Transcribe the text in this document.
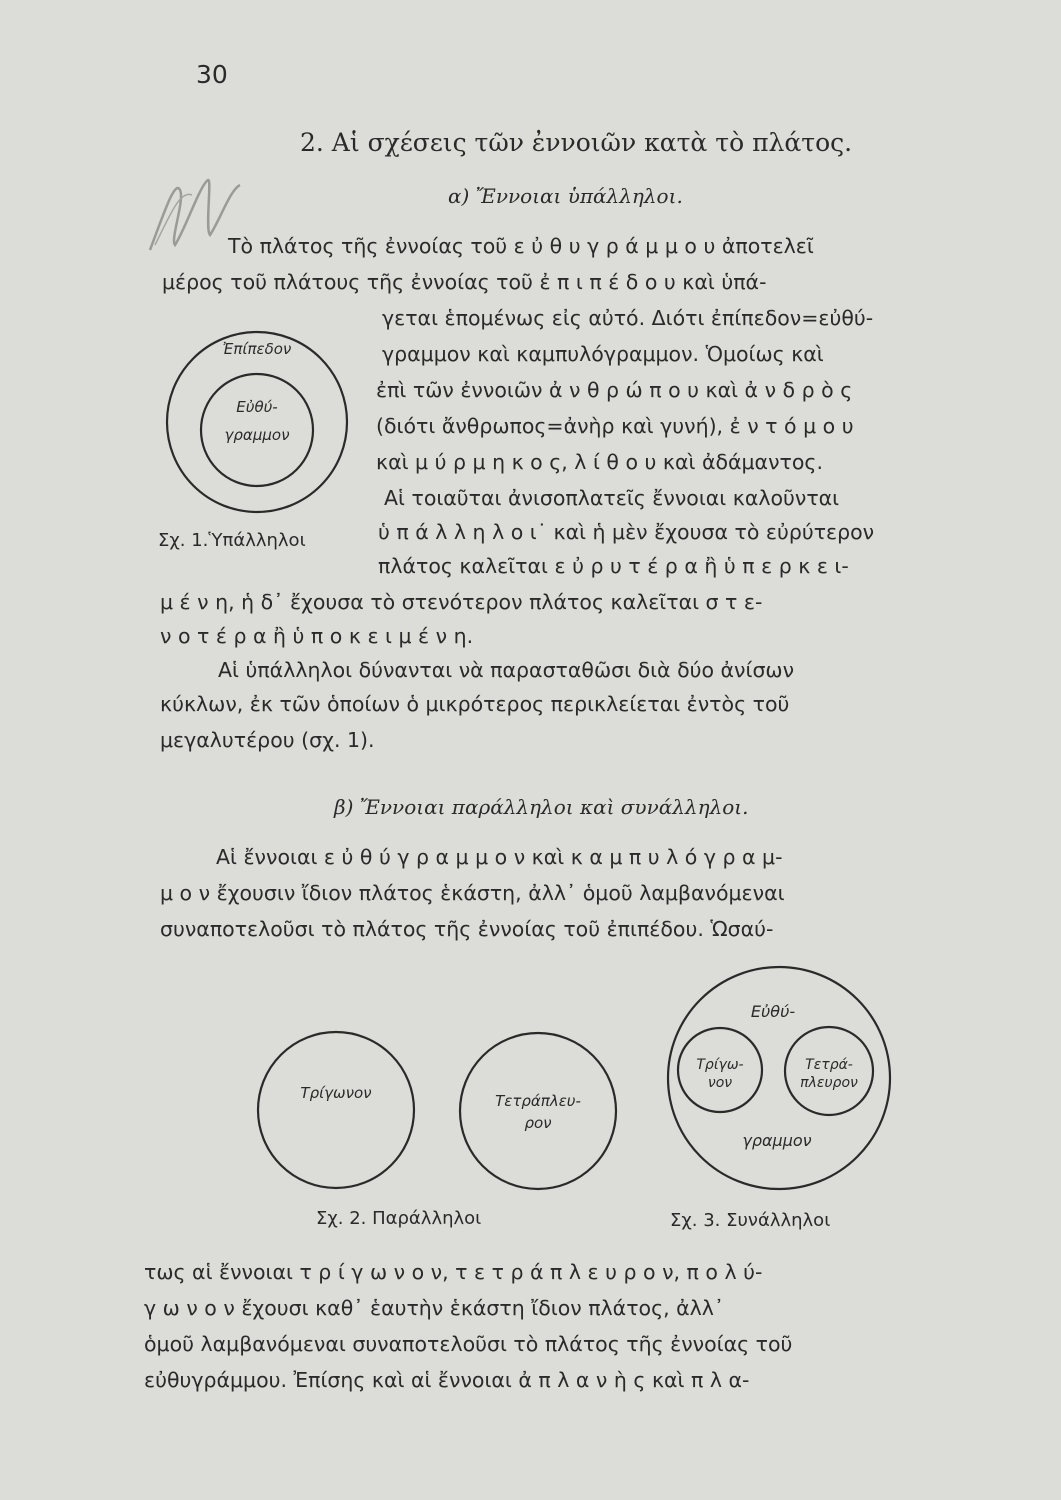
30
2. Αἱ σχέσεις τῶν ἐννοιῶν κατὰ τὸ πλάτος.
α) Ἔννοιαι ὑπάλληλοι.
Τὸ πλάτος τῆς ἐννοίας τοῦ ε ὐ θ υ γ ρ ά μ μ ο υ ἀποτελεῖ
μέρος τοῦ πλάτους τῆς ἐννοίας τοῦ ἐ π ι π έ δ ο υ καὶ ὑπά-
γεται ἑπομένως εἰς αὐτό. Διότι ἐπίπεδον=εὐθύ-
γραμμον καὶ καμπυλόγραμμον. Ὁμοίως καὶ
ἐπὶ τῶν ἐννοιῶν ἀ ν θ ρ ώ π ο υ καὶ ἀ ν δ ρ ὸ ς
(διότι ἄνθρωπος=ἀνὴρ καὶ γυνή), ἐ ν τ ό μ ο υ
καὶ μ ύ ρ μ η κ ο ς, λ ί θ ο υ καὶ ἀδάμαντος.
Αἱ τοιαῦται ἀνισοπλατεῖς ἔννοιαι καλοῦνται
ὑ π ά λ λ η λ ο ι˙ καὶ ἡ μὲν ἔχουσα τὸ εὐρύτερον
πλάτος καλεῖται ε ὐ ρ υ τ έ ρ α ἢ ὑ π ε ρ κ ε ι-
μ έ ν η, ἡ δ᾽ ἔχουσα τὸ στενότερον πλάτος καλεῖται σ τ ε-
ν ο τ έ ρ α ἢ ὑ π ο κ ε ι μ έ ν η.
Αἱ ὑπάλληλοι δύνανται νὰ παρασταθῶσι διὰ δύο ἀνίσων
κύκλων, ἐκ τῶν ὁποίων ὁ μικρότερος περικλείεται ἐντὸς τοῦ
μεγαλυτέρου (σχ. 1).
Ἐπίπεδον
Εὐθύ-
γραμμον
Σχ. 1.Ὑπάλληλοι
β) Ἔννοιαι παράλληλοι καὶ συνάλληλοι.
Αἱ ἔννοιαι ε ὐ θ ύ γ ρ α μ μ ο ν καὶ κ α μ π υ λ ό γ ρ α μ-
μ ο ν ἔχουσιν ἴδιον πλάτος ἑκάστη, ἀλλ᾽ ὁμοῦ λαμβανόμεναι
συναποτελοῦσι τὸ πλάτος τῆς ἐννοίας τοῦ ἐπιπέδου. Ὡσαύ-
Τρίγωνον	Τετράπλευ-
ρον
Σχ. 2. Παράλληλοι
Εὐθύ-
γραμμον
Τρίγω-
νον
Τετρά-
πλευρον
Σχ. 3. Συνάλληλοι
τως αἱ ἔννοιαι τ ρ ί γ ω ν ο ν, τ ε τ ρ ά π λ ε υ ρ ο ν, π ο λ ύ-
γ ω ν ο ν ἔχουσι καθ᾽ ἑαυτὴν ἑκάστη ἴδιον πλάτος, ἀλλ᾽
ὁμοῦ λαμβανόμεναι συναποτελοῦσι τὸ πλάτος τῆς ἐννοίας τοῦ
εὐθυγράμμου. Ἐπίσης καὶ αἱ ἔννοιαι ἀ π λ α ν ὴ ς καὶ π λ α-
